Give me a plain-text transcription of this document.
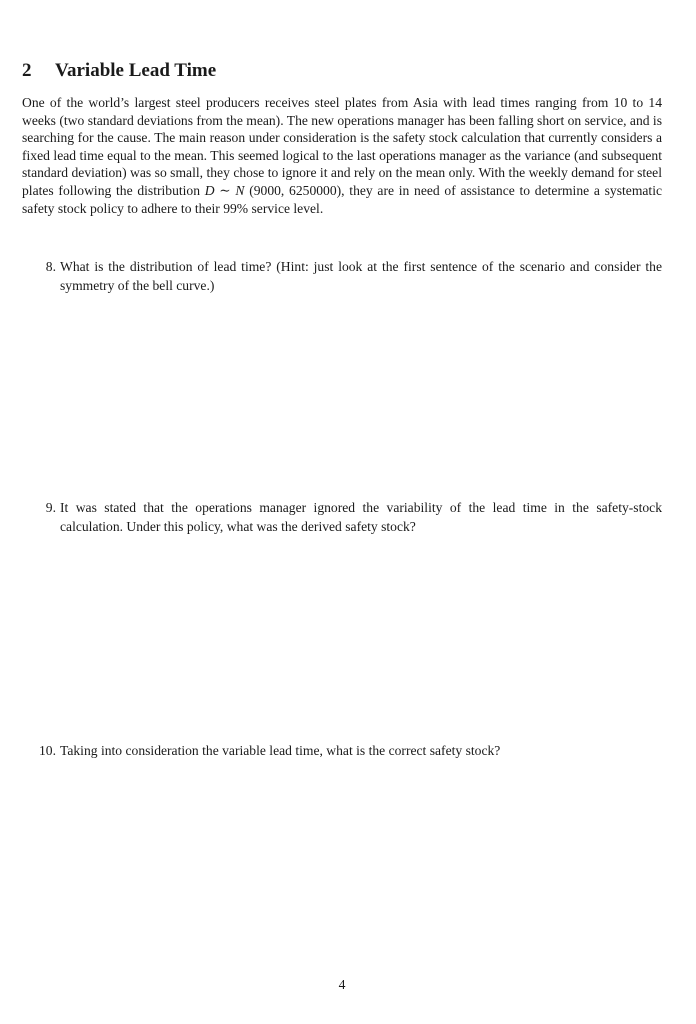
2 Variable Lead Time

One of the world’s largest steel producers receives steel plates from Asia with lead times ranging from 10 to 14 weeks (two standard deviations from the mean). The new operations manager has been falling short on service, and is searching for the cause. The main reason under consideration is the safety stock calculation that currently considers a fixed lead time equal to the mean. This seemed logical to the last operations manager as the variance (and subsequent standard deviation) was so small, they chose to ignore it and rely on the mean only. With the weekly demand for steel plates following the distribution D ∼ N (9000, 6250000), they are in need of assistance to determine a systematic safety stock policy to adhere to their 99% service level.

8. What is the distribution of lead time? (Hint: just look at the first sentence of the scenario and consider the symmetry of the bell curve.)
9. It was stated that the operations manager ignored the variability of the lead time in the safety-stock calculation. Under this policy, what was the derived safety stock?
10. Taking into consideration the variable lead time, what is the correct safety stock?
4
